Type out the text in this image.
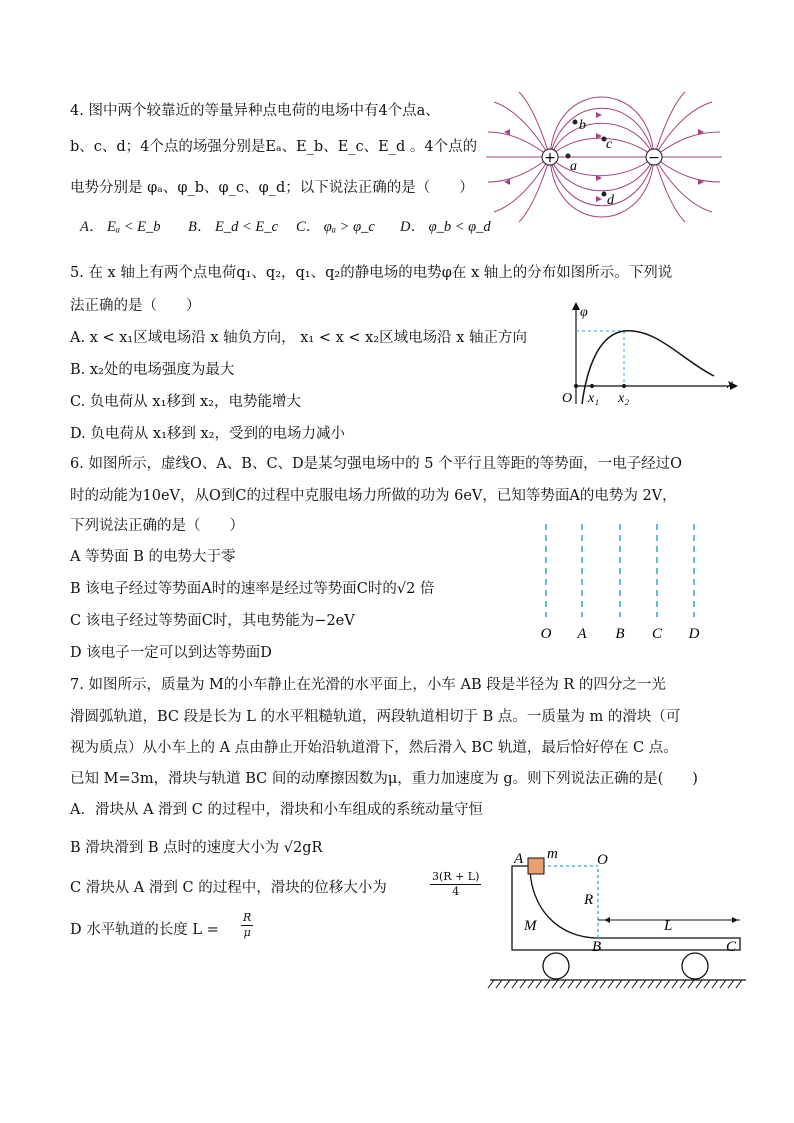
4. 图中两个较靠近的等量异种点电荷的电场中有4个点a、
b、c、d；4个点的场强分别是Eₐ、E_b、E_c、E_d 。4个点的
电势分别是 φₐ、φ_b、φ_c、φ_d；以下说法正确的是（　　）
A． Eₐ < E_b B． E_d < E_c C． φₐ > φ_c D． φ_b < φ_d
+	−
b
a
c
d
5. 在 x 轴上有两个点电荷q₁、q₂，q₁、q₂的静电场的电势φ在 x 轴上的分布如图所示。下列说
法正确的是（　　）
A. x < x₁区域电场沿 x 轴负方向， x₁ < x < x₂区域电场沿 x 轴正方向
B. x₂处的电场强度为最大
C. 负电荷从 x₁移到 x₂，电势能增大
D. 负电荷从 x₁移到 x₂，受到的电场力减小
φ
x
O x₁ x₂
6. 如图所示，虚线O、A、B、C、D是某匀强电场中的 5 个平行且等距的等势面，一电子经过O
时的动能为10eV，从O到C的过程中克服电场力所做的功为 6eV，已知等势面A的电势为 2V，
下列说法正确的是（　　）
A 等势面 B 的电势大于零
B 该电子经过等势面A时的速率是经过等势面C时的√2 倍
C 该电子经过等势面C时，其电势能为−2eV
D 该电子一定可以到达等势面D
O A B C D
7. 如图所示，质量为 M的小车静止在光滑的水平面上，小车 AB 段是半径为 R 的四分之一光
滑圆弧轨道，BC 段是长为 L 的水平粗糙轨道，两段轨道相切于 B 点。一质量为 m 的滑块（可
视为质点）从小车上的 A 点由静止开始沿轨道滑下，然后滑入 BC 轨道，最后恰好停在 C 点。
已知 M=3m，滑块与轨道 BC 间的动摩擦因数为μ，重力加速度为 g。则下列说法正确的是(　　)
A．滑块从 A 滑到 C 的过程中，滑块和小车组成的系统动量守恒
B 滑块滑到 B 点时的速度大小为 √2gR
C 滑块从 A 滑到 C 的过程中，滑块的位移大小为	$\frac{3(R + L)}{4}$
D 水平轨道的长度 $L = \frac{R}{\mu}$
A m	O
R
M	L
B	C
